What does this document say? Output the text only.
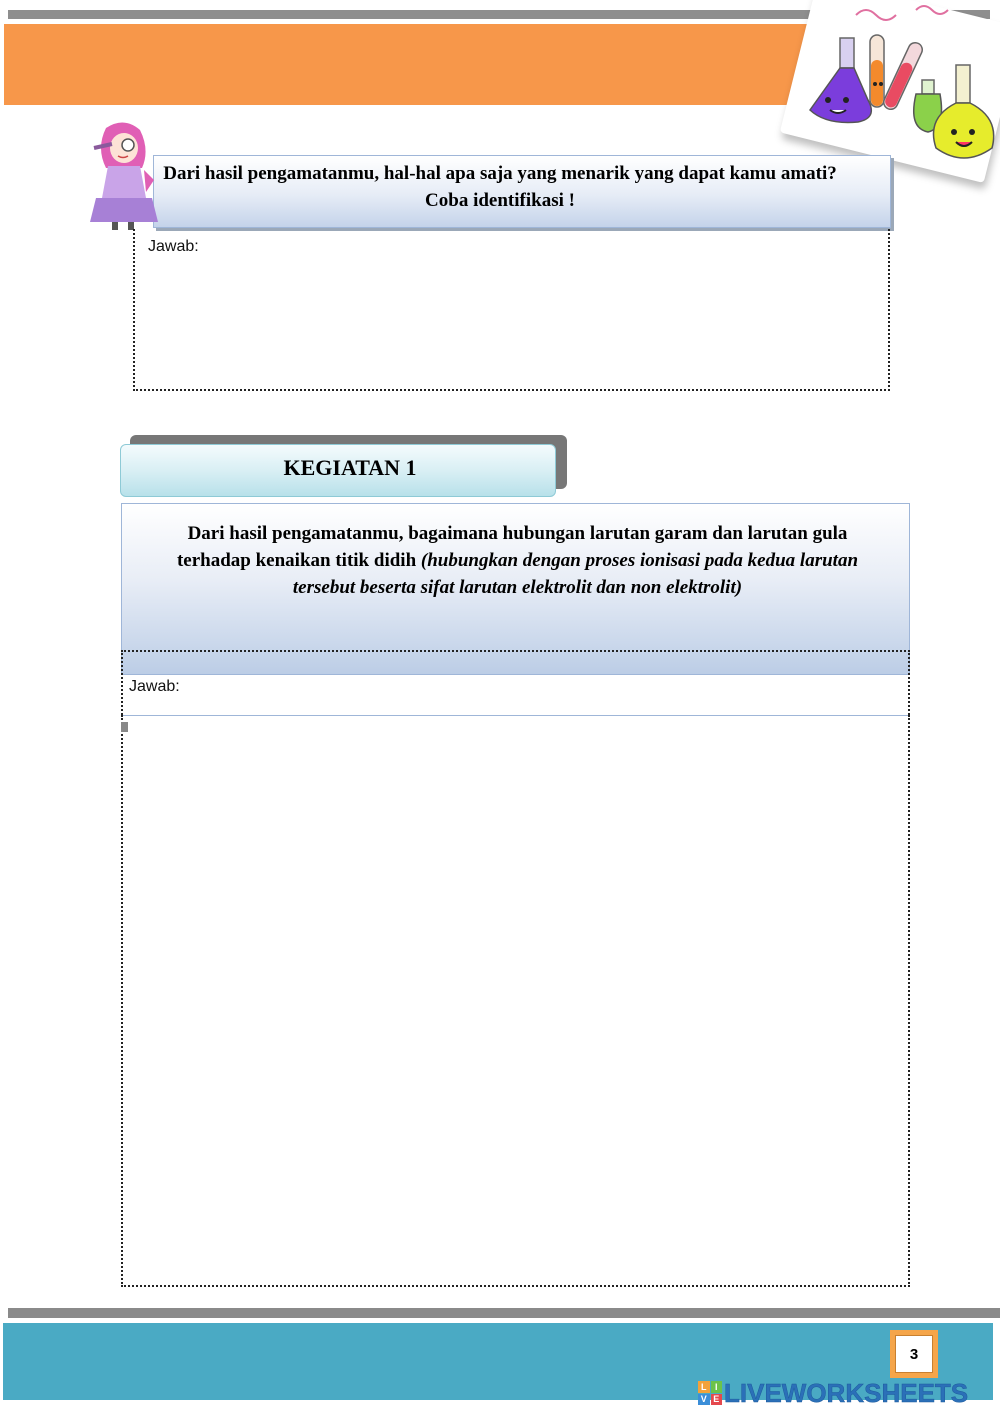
Dari hasil pengamatanmu, hal-hal apa saja yang menarik yang dapat kamu amati? Coba identifikasi !
Jawab:
KEGIATAN 1
Dari hasil pengamatanmu, bagaimana hubungan larutan garam dan larutan gula terhadap kenaikan titik didih (hubungkan dengan proses ionisasi pada kedua larutan tersebut beserta sifat larutan elektrolit dan non elektrolit)
Jawab:
3
L I
V E LIVEWORKSHEETS
